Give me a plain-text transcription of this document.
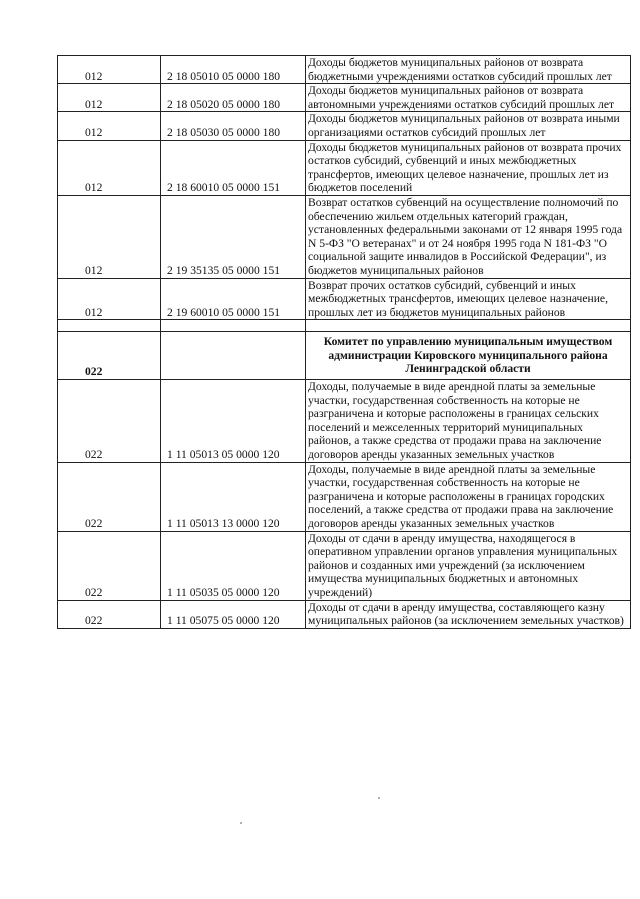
012	2 18 05010 05 0000 180	Доходы бюджетов муниципальных районов от возврата бюджетными учреждениями остатков субсидий прошлых лет
012	2 18 05020 05 0000 180	Доходы бюджетов муниципальных районов от возврата автономными учреждениями остатков субсидий прошлых лет
012	2 18 05030 05 0000 180	Доходы бюджетов муниципальных районов от возврата иными организациями остатков субсидий прошлых лет
012	2 18 60010 05 0000 151	Доходы бюджетов муниципальных районов от возврата прочих остатков субсидий, субвенций и иных межбюджетных трансфертов, имеющих целевое назначение, прошлых лет из бюджетов поселений
012	2 19 35135 05 0000 151	Возврат остатков субвенций на осуществление полномочий по обеспечению жильем отдельных категорий граждан, установленных федеральными законами от 12 января 1995 года N 5-ФЗ "О ветеранах" и от 24 ноября 1995 года N 181-ФЗ "О социальной защите инвалидов в Российской Федерации", из бюджетов муниципальных районов
012	2 19 60010 05 0000 151	Возврат прочих остатков субсидий, субвенций и иных межбюджетных трансфертов, имеющих целевое назначение, прошлых лет из бюджетов муниципальных районов

022		Комитет по управлению муниципальным имуществом администрации Кировского муниципального района Ленинградской области
022	1 11 05013 05 0000 120	Доходы, получаемые в виде арендной платы за земельные участки, государственная собственность на которые не разграничена и которые расположены в границах сельских поселений и межселенных территорий муниципальных районов, а также средства от продажи права на заключение договоров аренды указанных земельных участков
022	1 11 05013 13 0000 120	Доходы, получаемые в виде арендной платы за земельные участки, государственная собственность на которые не разграничена и которые расположены в границах городских поселений, а также средства от продажи права на заключение договоров аренды указанных земельных участков
022	1 11 05035 05 0000 120	Доходы от сдачи в аренду имущества, находящегося в оперативном управлении органов управления муниципальных районов и созданных ими учреждений (за исключением имущества муниципальных бюджетных и автономных учреждений)
022	1 11 05075 05 0000 120	Доходы от сдачи в аренду имущества, составляющего казну муниципальных районов (за исключением земельных участков)
